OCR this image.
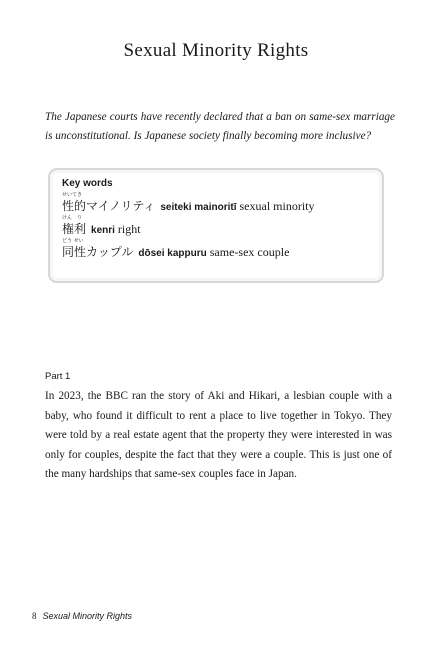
Sexual Minority Rights
The Japanese courts have recently declared that a ban on same-sex marriage is unconstitutional. Is Japanese society finally becoming more inclusive?
Key words
せいてき
性的マイノリティ seiteki mainoritī sexual minority
けん　り
権利 kenri right
どう せい
同性カップル dōsei kappuru same-sex couple
Part 1
In 2023, the BBC ran the story of Aki and Hikari, a lesbian couple with a baby, who found it difficult to rent a place to live together in Tokyo. They were told by a real estate agent that the property they were interested in was only for couples, despite the fact that they were a couple. This is just one of the many hardships that same-sex couples face in Japan.
8 Sexual Minority Rights
